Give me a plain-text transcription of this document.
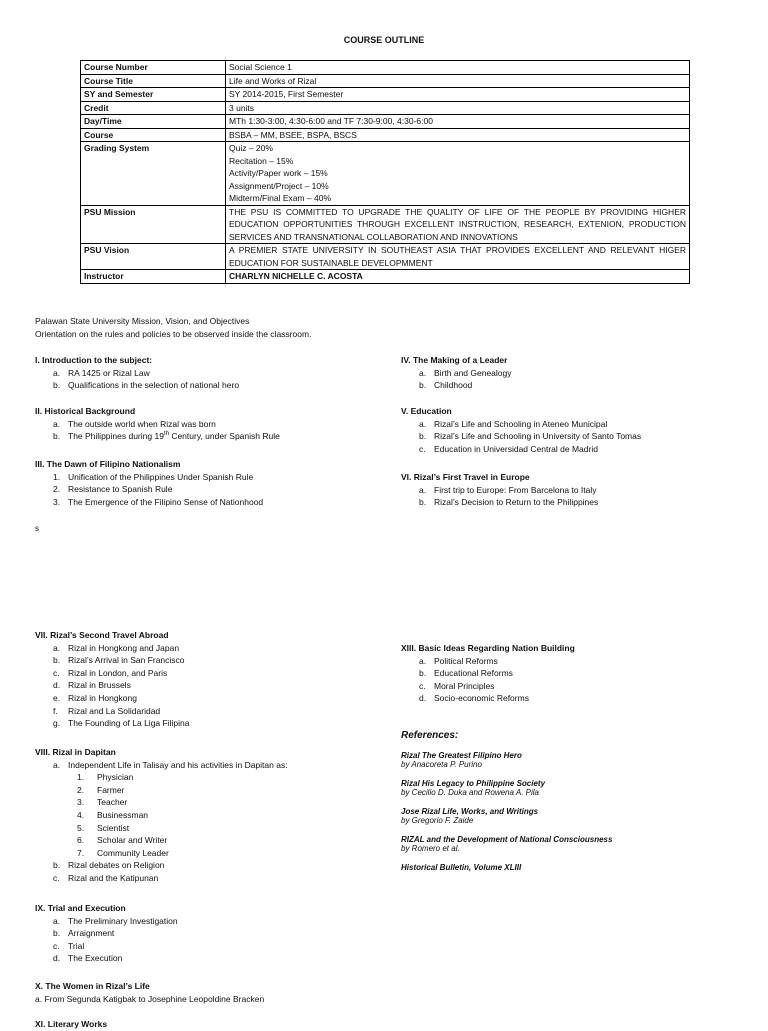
COURSE OUTLINE
Course Number	Social Science 1

Course Title	Life and Works of Rizal

SY and Semester	SY 2014-2015, First Semester

Credit	3 units

Day/Time	MTh 1:30-3:00, 4:30-6:00 and TF 7:30-9:00, 4:30-6:00

Course	BSBA – MM, BSEE, BSPA, BSCS

Grading System	Quiz – 20%
Recitation – 15%
Activity/Paper work – 15%
Assignment/Project – 10%
Midterm/Final Exam – 40%

PSU Mission	THE PSU IS COMMITTED TO UPGRADE THE QUALITY OF LIFE OF THE PEOPLE BY PROVIDING HIGHER EDUCATION OPPORTUNITIES THROUGH EXCELLENT INSTRUCTION, RESEARCH, EXTENION, PRODUCTION SERVICES AND TRANSNATIONAL COLLABORATION AND INNOVATIONS

PSU Vision	A PREMIER STATE UNIVERSITY IN SOUTHEAST ASIA THAT PROVIDES EXCELLENT AND RELEVANT HIGER EDUCATION FOR SUSTAINABLE DEVELOPMMENT

Instructor	CHARLYN NICHELLE C. ACOSTA
Palawan State University Mission, Vision, and Objectives
Orientation on the rules and policies to be observed inside the classroom.
I. Introduction to the subject:
a. RA 1425 or Rizal Law
b. Qualifications in the selection of national hero
II. Historical Background
a. The outside world when Rizal was born
b. The Philippines during 19th Century, under Spanish Rule
III. The Dawn of Filipino Nationalism
1. Unification of the Philippines Under Spanish Rule
2. Resistance to Spanish Rule
3. The Emergence of the Filipino Sense of Nationhood
IV. The Making of a Leader
a. Birth and Genealogy
b. Childhood
V. Education
a. Rizal’s Life and Schooling in Ateneo Municipal
b. Rizal’s Life and Schooling in University of Santo Tomas
c. Education in Universidad Central de Madrid
VI. Rizal’s First Travel in Europe
a. First trip to Europe: From Barcelona to Italy
b. Rizal’s Decision to Return to the Philippines
s
VII. Rizal’s Second Travel Abroad
a. Rizal in Hongkong and Japan
b. Rizal’s Arrival in San Francisco
c. Rizal in London, and Paris
d. Rizal in Brussels
e. Rizal in Hongkong
f. Rizal and La Solidaridad
g. The Founding of La Liga Filipina
VIII. Rizal in Dapitan
a. Independent Life in Talisay and his activities in Dapitan as:
1. Physician
2. Farmer
3. Teacher
4. Businessman
5. Scientist
6. Scholar and Writer
7. Community Leader
b. Rizal debates on Religion
c. Rizal and the Katipunan
IX. Trial and Execution
a. The Preliminary Investigation
b. Arraignment
c. Trial
d. The Execution
X. The Women in Rizal’s Life
a. From Segunda Katigbak to Josephine Leopoldine Bracken
XI. Literary Works
XIII. Basic Ideas Regarding Nation Building
a. Political Reforms
b. Educational Reforms
c. Moral Principles
d. Socio-economic Reforms
References:
Rizal The Greatest Filipino Hero
by Anacoreta P. Purino
Rizal His Legacy to Philippine Society
by Cecilio D. Duka and Rowena A. Pila
Jose Rizal Life, Works, and Writings
by Gregorio F. Zaide
RIZAL and the Development of National Consciousness
by Romero et al.
Historical Bulletin, Volume XLIII
